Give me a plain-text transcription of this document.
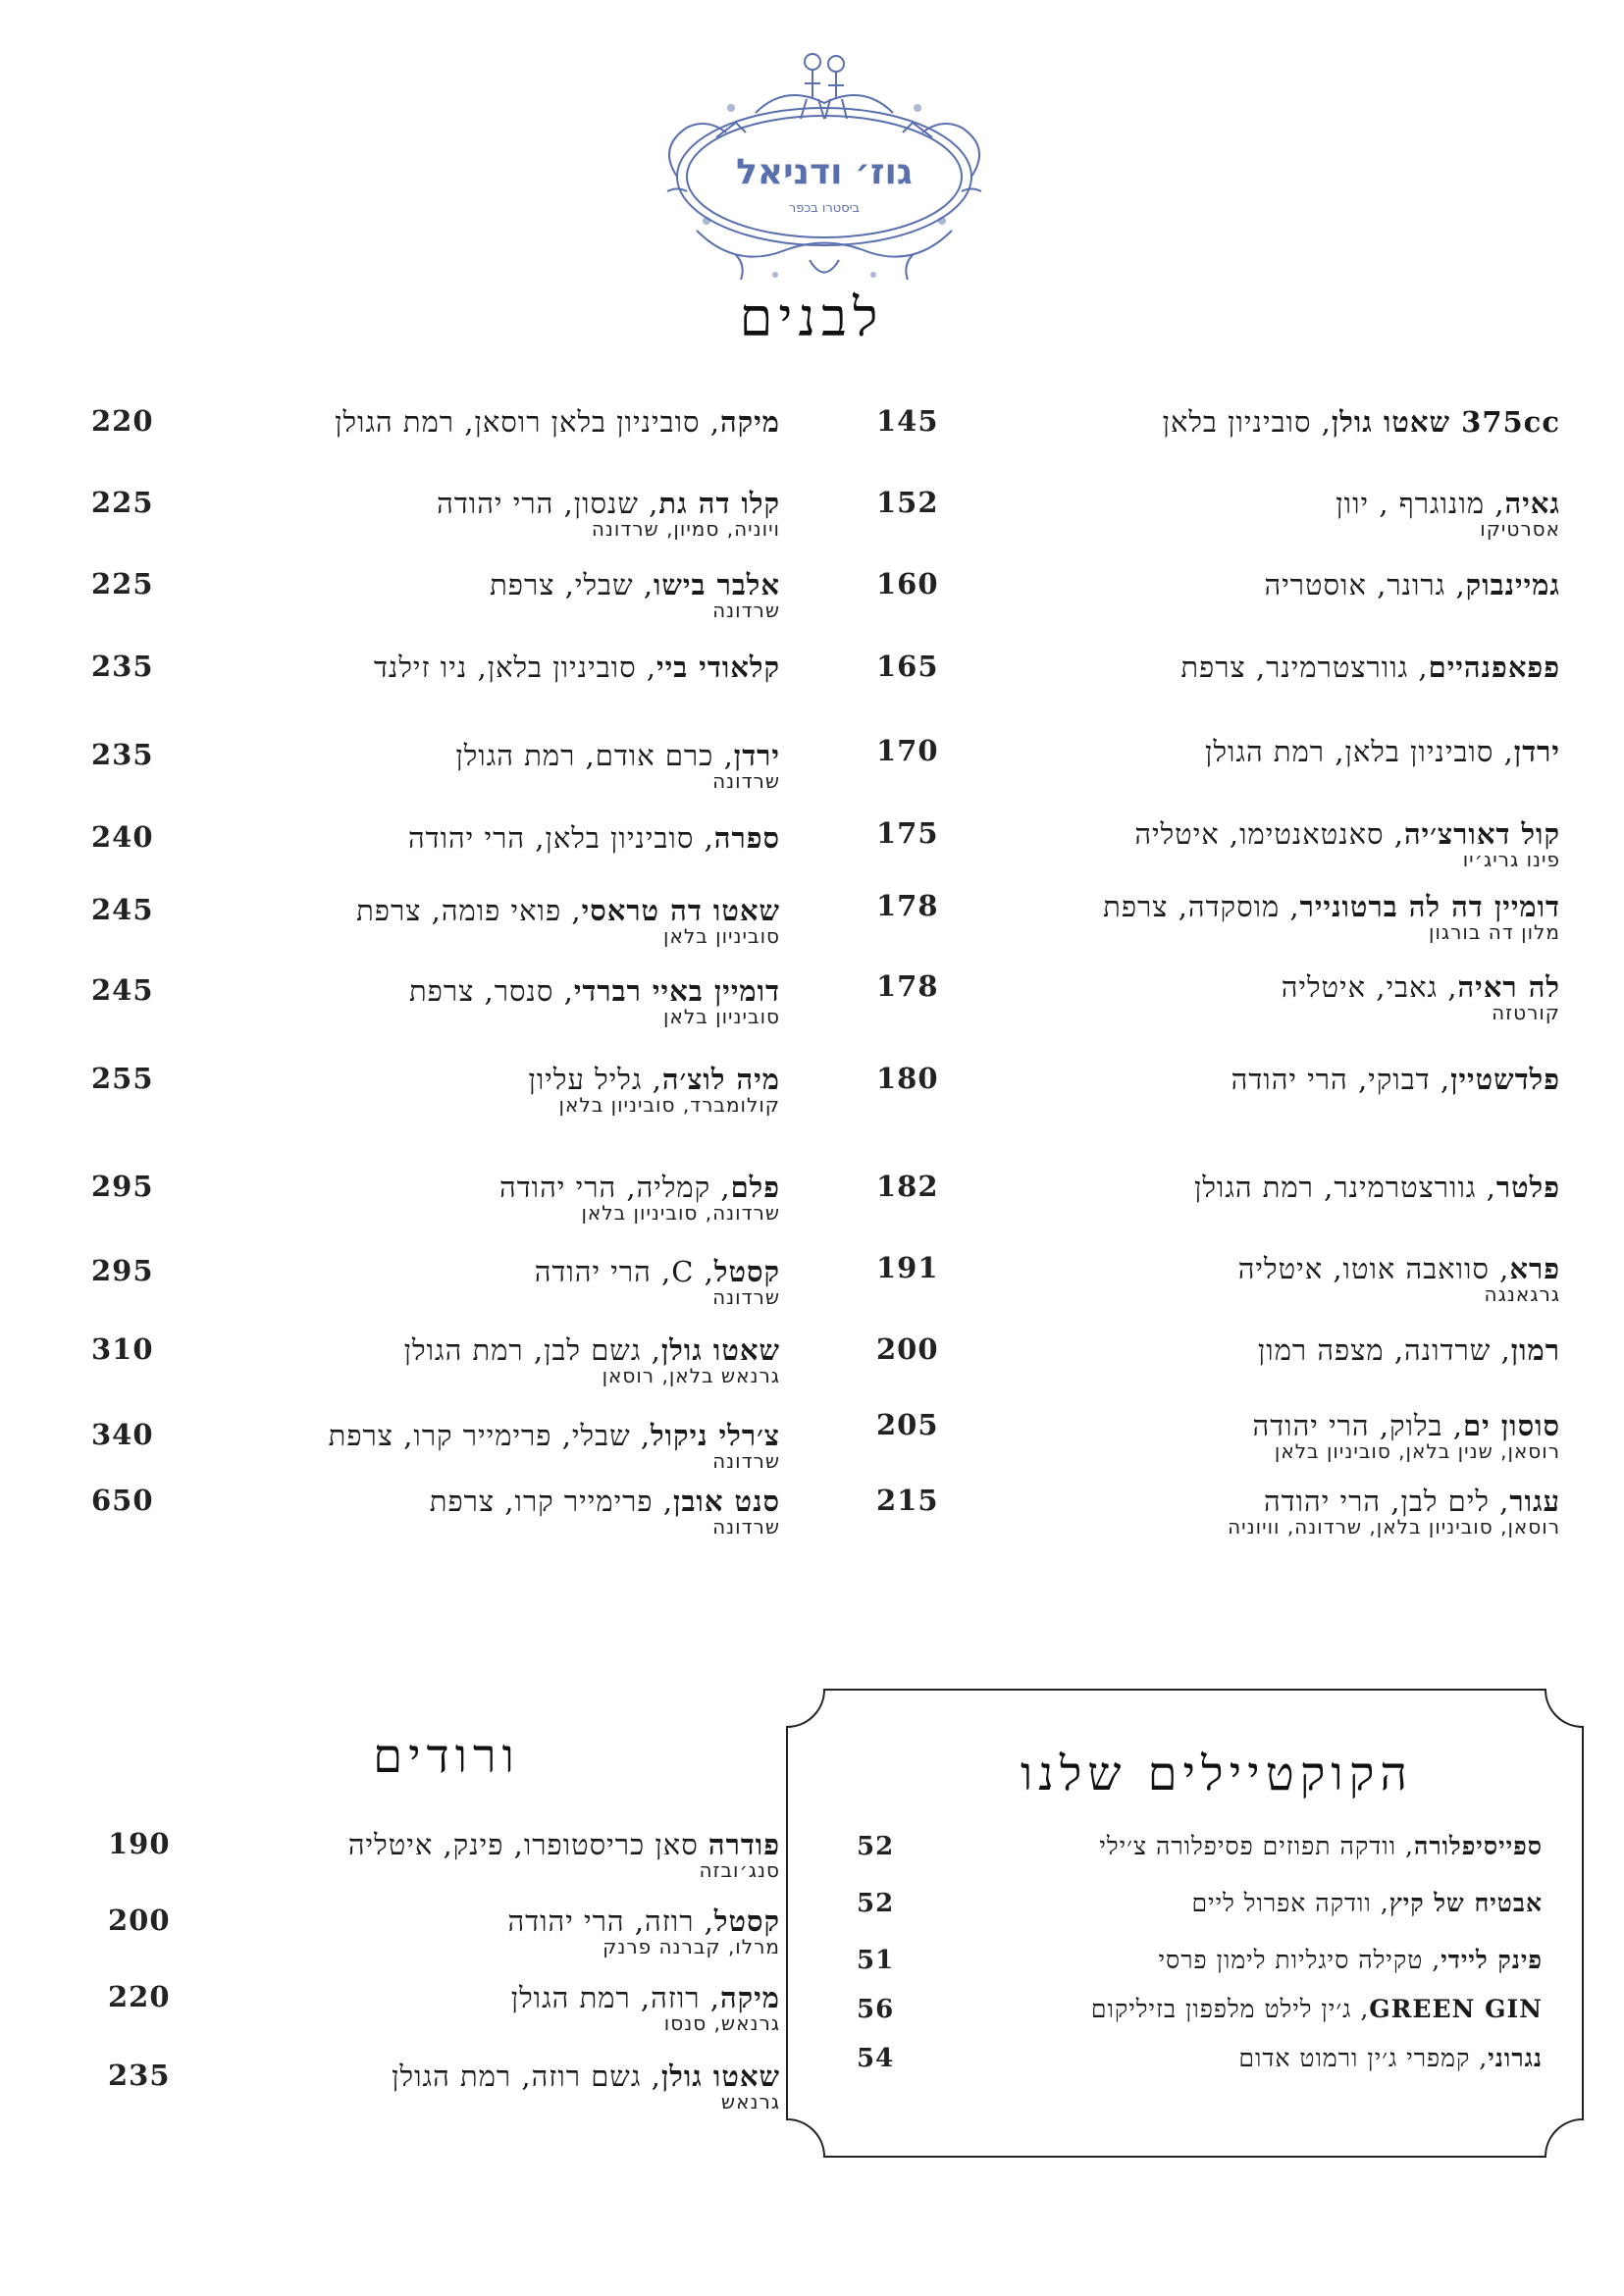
גוז׳ ודניאל
ביסטרו בכפר
לבנים
375cc שאטו גולן, סוביניון בלאן
145
גאיה, מונוגרף , יוון
אסרטיקו
152
גמיינבוק, גרונר, אוסטריה
160
פפאפנהיים, גוורצטרמינר, צרפת
165
ירדן, סוביניון בלאן, רמת הגולן
170
קול דאורצ׳יה, סאנטאנטימו, איטליה
פינו גריג׳יו
175
דומיין דה לה ברטונייר, מוסקדה, צרפת
מלון דה בורגון
178
לה ראיה, גאבי, איטליה
קורטזה
178
פלדשטיין, דבוקי, הרי יהודה
180
פלטר, גוורצטרמינר, רמת הגולן
182
פרא, סוואבה אוטו, איטליה
גרגאנגה
191
רמון, שרדונה, מצפה רמון
200
סוסון ים, בלוק, הרי יהודה
רוסאן, שנין בלאן, סוביניון בלאן
205
עגור, לים לבן, הרי יהודה
רוסאן, סוביניון בלאן, שרדונה, וויוניה
215
מיקה, סוביניון בלאן רוסאן, רמת הגולן
220
קלו דה גת, שנסון, הרי יהודה
ויוניה, סמיון, שרדונה
225
אלבר בישו, שבלי, צרפת
שרדונה
225
קלאודי ביי, סוביניון בלאן, ניו זילנד
235
ירדן, כרם אודם, רמת הגולן
שרדונה
235
ספרה, סוביניון בלאן, הרי יהודה
240
שאטו דה טראסי, פואי פומה, צרפת
סוביניון בלאן
245
דומיין באיי רברדי, סנסר, צרפת
סוביניון בלאן
245
מיה לוצ׳ה, גליל עליון
קולומברד, סוביניון בלאן
255
פלם, קמליה, הרי יהודה
שרדונה, סוביניון בלאן
295
קסטל, C, הרי יהודה
שרדונה
295
שאטו גולן, גשם לבן, רמת הגולן
גרנאש בלאן, רוסאן
310
צ׳רלי ניקול, שבלי, פרימייר קרו, צרפת
שרדונה
340
סנט אובן, פרימייר קרו, צרפת
שרדונה
650
ורודים
פודרה סאן כריסטופרו, פינק, איטליה
סנג׳ובזה
190
קסטל, רוזה, הרי יהודה
מרלו, קברנה פרנק
200
מיקה, רוזה, רמת הגולן
גרנאש, סנסו
220
שאטו גולן, גשם רוזה, רמת הגולן
גרנאש
235
הקוקטיילים שלנו
ספייסיפלורה, וודקה תפוזים פסיפלורה צ׳ילי
52
אבטיח של קיץ, וודקה אפרול ליים
52
פינק ליידי, טקילה סיגליות לימון פרסי
51
GREEN GIN, ג׳ין לילט מלפפון בזיליקום
56
נגרוני, קמפרי ג׳ין ורמוט אדום
54
